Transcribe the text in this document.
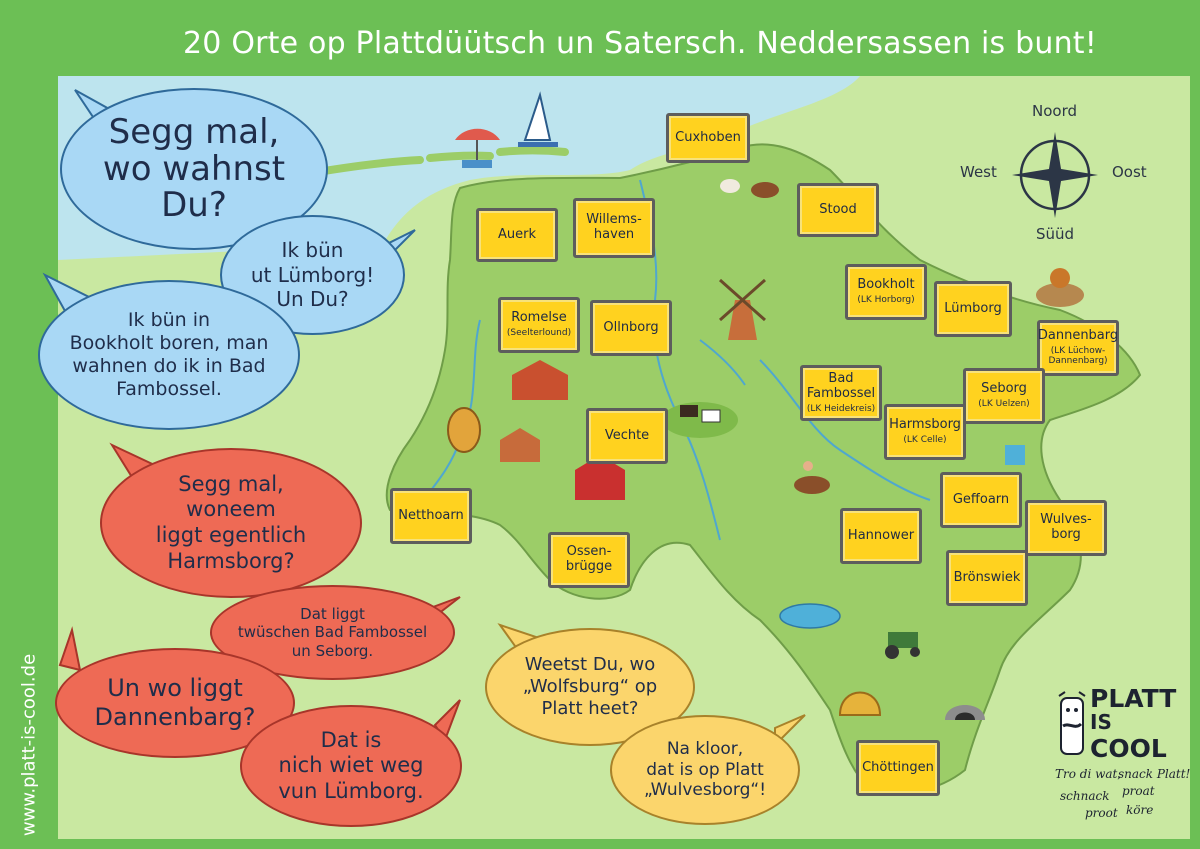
20 Orte op Plattdüütsch un Satersch. Neddersassen is bunt!
www.platt-is-cool.de
Noord
Süüd
West	Oost
Segg mal,
wo wahnst
Du?
Ik bün
ut Lümborg!
Un Du?
Ik bün in
Bookholt boren, man
wahnen do ik in Bad
Fambossel.
Segg mal,
woneem
liggt egentlich
Harmsborg?
Dat liggt
twüschen Bad Fambossel
un Seborg.
Un wo liggt
Dannenbarg?
Dat is
nich wiet weg
vun Lümborg.
Weetst Du, wo
„Wolfsburg“ op
Platt heet?
Na kloor,
dat is op Platt
„Wulvesborg“!
Cuxhoben
Auerk
Willems-
haven
Stood
Bookholt
(LK Horborg)
Lümborg
Romelse
(Seelterlound) Ollnborg
Dannenbarg
(LK Lüchow-
Dannenbarg)
Bad
Fambossel
(LK Heidekreis)
Seborg
(LK Uelzen)
Harmsborg
(LK Celle)
Vechte
Geffoarn
Netthoarn	Wulves-
borg
Hannower
Ossen-
brügge
Brönswiek
Chöttingen
PLATT
IS
COOL
Tro di wat,
snack Platt!
schnack proat
proot köre
